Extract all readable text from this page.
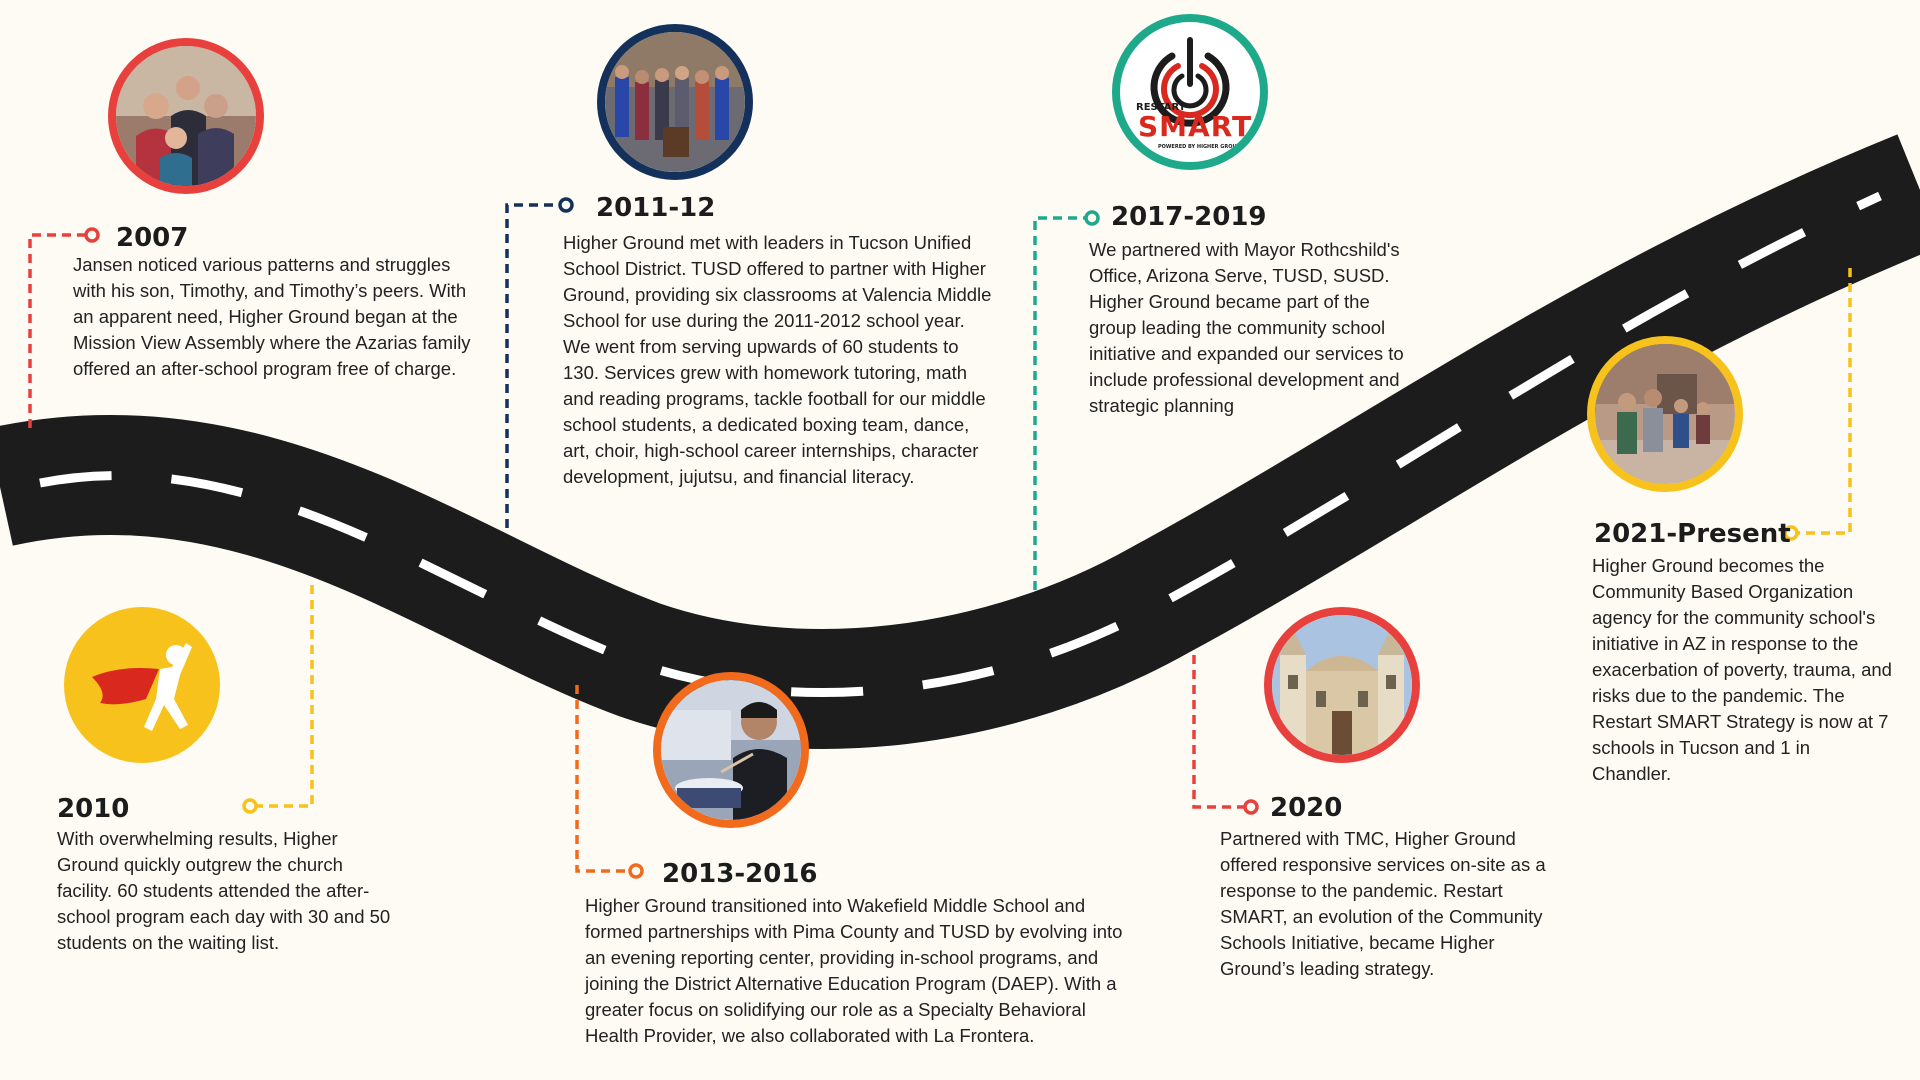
RESTART
SMART
POWERED BY HIGHER GROUND
2007

Jansen noticed various patterns and struggles with his son, Timothy, and Timothy’s peers. With an apparent need, Higher Ground began at the Mission View Assembly where the Azarias family offered an after-school program free of charge.

2010

With overwhelming results, Higher Ground quickly outgrew the church facility. 60 students attended the after-school program each day with 30 and 50 students on the waiting list.

2011-12

Higher Ground met with leaders in Tucson Unified School District. TUSD offered to partner with Higher Ground, providing six classrooms at Valencia Middle School for use during the 2011-2012 school year. We went from serving upwards of 60 students to 130. Services grew with homework tutoring, math and reading programs, tackle football for our middle school students, a dedicated boxing team, dance, art, choir, high-school career internships, character development, jujutsu, and financial literacy.

2013-2016

Higher Ground transitioned into Wakefield Middle School and formed partnerships with Pima County and TUSD by evolving into an evening reporting center, providing in-school programs, and joining the District Alternative Education Program (DAEP). With a greater focus on solidifying our role as a Specialty Behavioral Health Provider, we also collaborated with La Frontera.

2017-2019

We partnered with Mayor Rothcshild's Office, Arizona Serve, TUSD, SUSD. Higher Ground became part of the group leading the community school initiative and expanded our services to include professional development and strategic planning

2020

Partnered with TMC, Higher Ground offered responsive services on-site as a response to the pandemic. Restart SMART, an evolution of the Community Schools Initiative, became Higher Ground’s leading strategy.

2021-Present

Higher Ground becomes the Community Based Organization agency for the community school's initiative in AZ in response to the exacerbation of poverty, trauma, and risks due to the pandemic. The Restart SMART Strategy is now at 7 schools in Tucson and 1 in Chandler.
